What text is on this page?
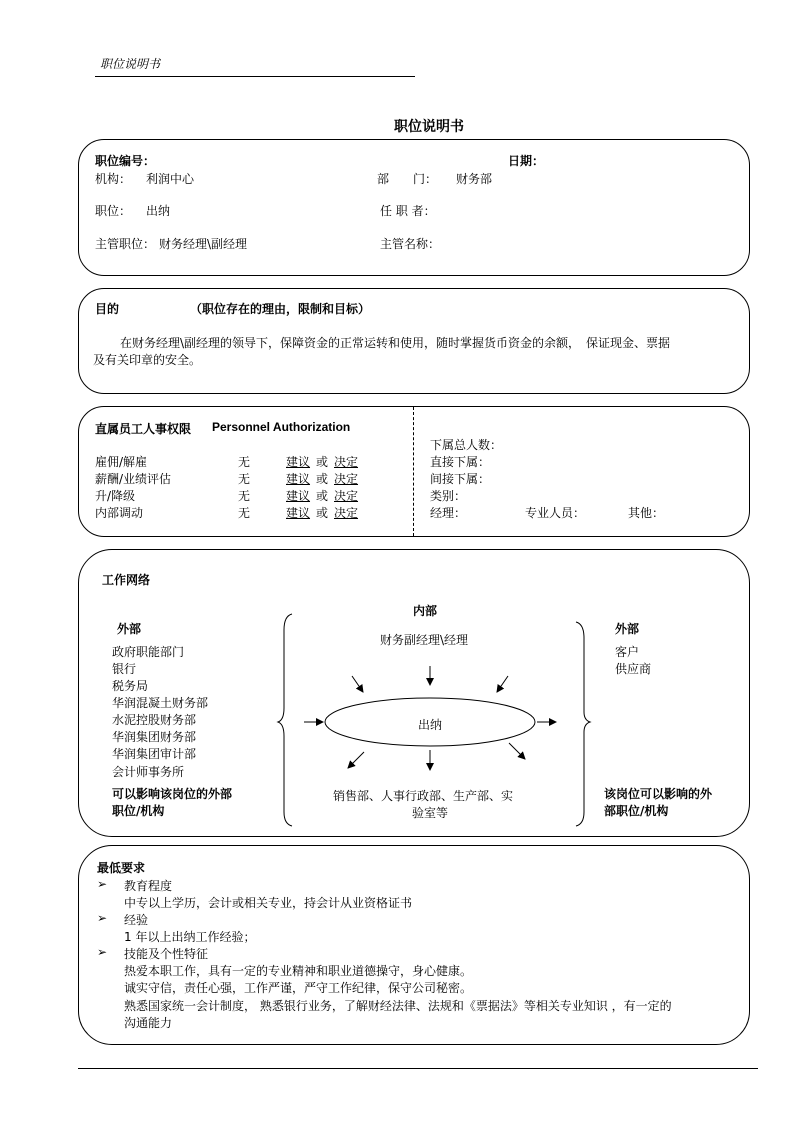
职位说明书
职位说明书
职位编号：	日期：
机构： 利润中心	部　　门： 财务部
职位： 出纳	任 职 者：
主管职位： 财务经理\副经理	主管名称：
目的	（职位存在的理由，限制和目标）
在财务经理\副经理的领导下，保障资金的正常运转和使用，随时掌握货币资金的余额，　保证现金、票据
及有关印章的安全。
直属员工人事权限 Personnel Authorization
雇佣/解雇	无	建议 或 决定
薪酬/业绩评估	无	建议 或 决定
升/降级	无	建议 或 决定
内部调动	无	建议 或 决定
下属总人数：
直接下属：
间接下属：
类别：
经理：	专业人员：	其他：
工作网络
内部
外部	外部
财务副经理\经理
政府职能部门
银行
税务局
华润混凝土财务部
水泥控股财务部
华润集团财务部
华润集团审计部
会计师事务所
可以影响该岗位的外部
职位/机构
客户
供应商
该岗位可以影响的外
部职位/机构
出纳
销售部、人事行政部、生产部、实
验室等
最低要求
➢ 教育程度
中专以上学历，会计或相关专业，持会计从业资格证书
➢ 经验
1 年以上出纳工作经验；
➢ 技能及个性特征
热爱本职工作，具有一定的专业精神和职业道德操守，身心健康。
诚实守信，责任心强，工作严谨，严守工作纪律，保守公司秘密。
熟悉国家统一会计制度， 熟悉银行业务，了解财经法律、法规和《票据法》等相关专业知识 ，有一定的
沟通能力
